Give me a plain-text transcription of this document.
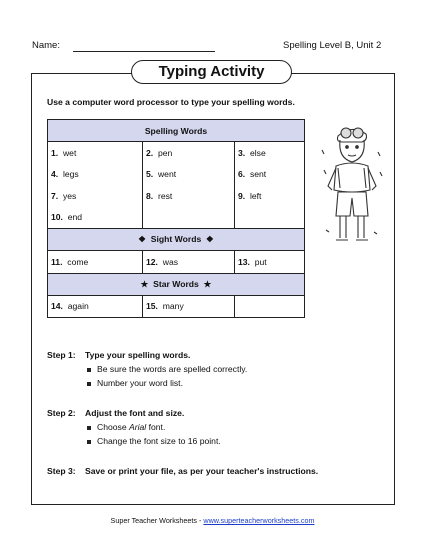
Name:	Spelling Level B, Unit 2
Typing Activity
Use a computer word processor to type your spelling words.
Spelling Words		
1. wet	2. pen	3. else
4. legs	5. went	6. sent
7. yes	8. rest	9. left
10. end		
❖ Sight Words ❖		
11. come	12. was	13. put
★ Star Words ★		
14. again	15. many	
Step 1: Type your spelling words.
Be sure the words are spelled correctly.
Number your word list.
Step 2: Adjust the font and size.
Choose Arial font.
Change the font size to 16 point.
Step 3: Save or print your file, as per your teacher's instructions.
Super Teacher Worksheets - www.superteacherworksheets.com
